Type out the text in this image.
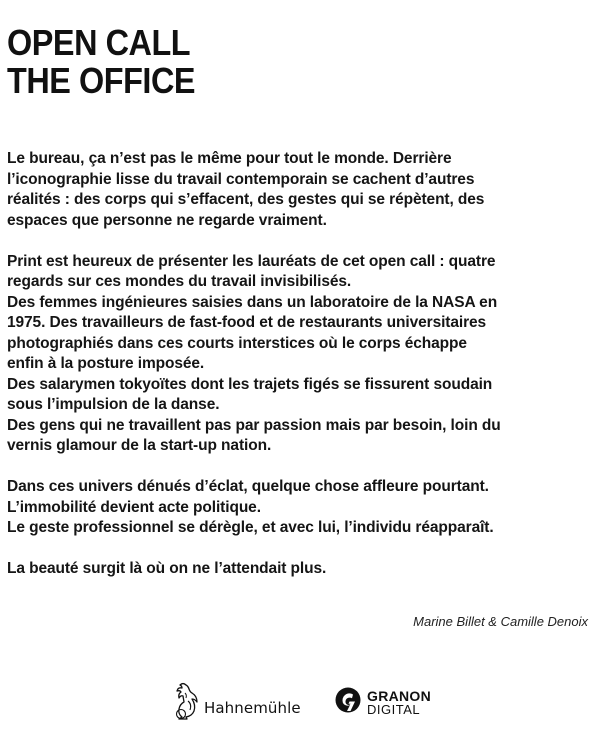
OPEN CALL
THE OFFICE

Le bureau, ça n’est pas le même pour tout le monde. Derrière
l’iconographie lisse du travail contemporain se cachent d’autres
réalités : des corps qui s’effacent, des gestes qui se répètent, des
espaces que personne ne regarde vraiment.

Print est heureux de présenter les lauréats de cet open call : quatre
regards sur ces mondes du travail invisibilisés.
Des femmes ingénieures saisies dans un laboratoire de la NASA en
1975. Des travailleurs de fast-food et de restaurants universitaires
photographiés dans ces courts interstices où le corps échappe
enfin à la posture imposée.
Des salarymen tokyoïtes dont les trajets figés se fissurent soudain
sous l’impulsion de la danse.
Des gens qui ne travaillent pas par passion mais par besoin, loin du
vernis glamour de la start-up nation.

Dans ces univers dénués d’éclat, quelque chose affleure pourtant.
L’immobilité devient acte politique.
Le geste professionnel se dérègle, et avec lui, l’individu réapparaît.

La beauté surgit là où on ne l’attendait plus.

Marine Billet & Camille Denoix
Hahnemühle
GRANON
DIGITAL
